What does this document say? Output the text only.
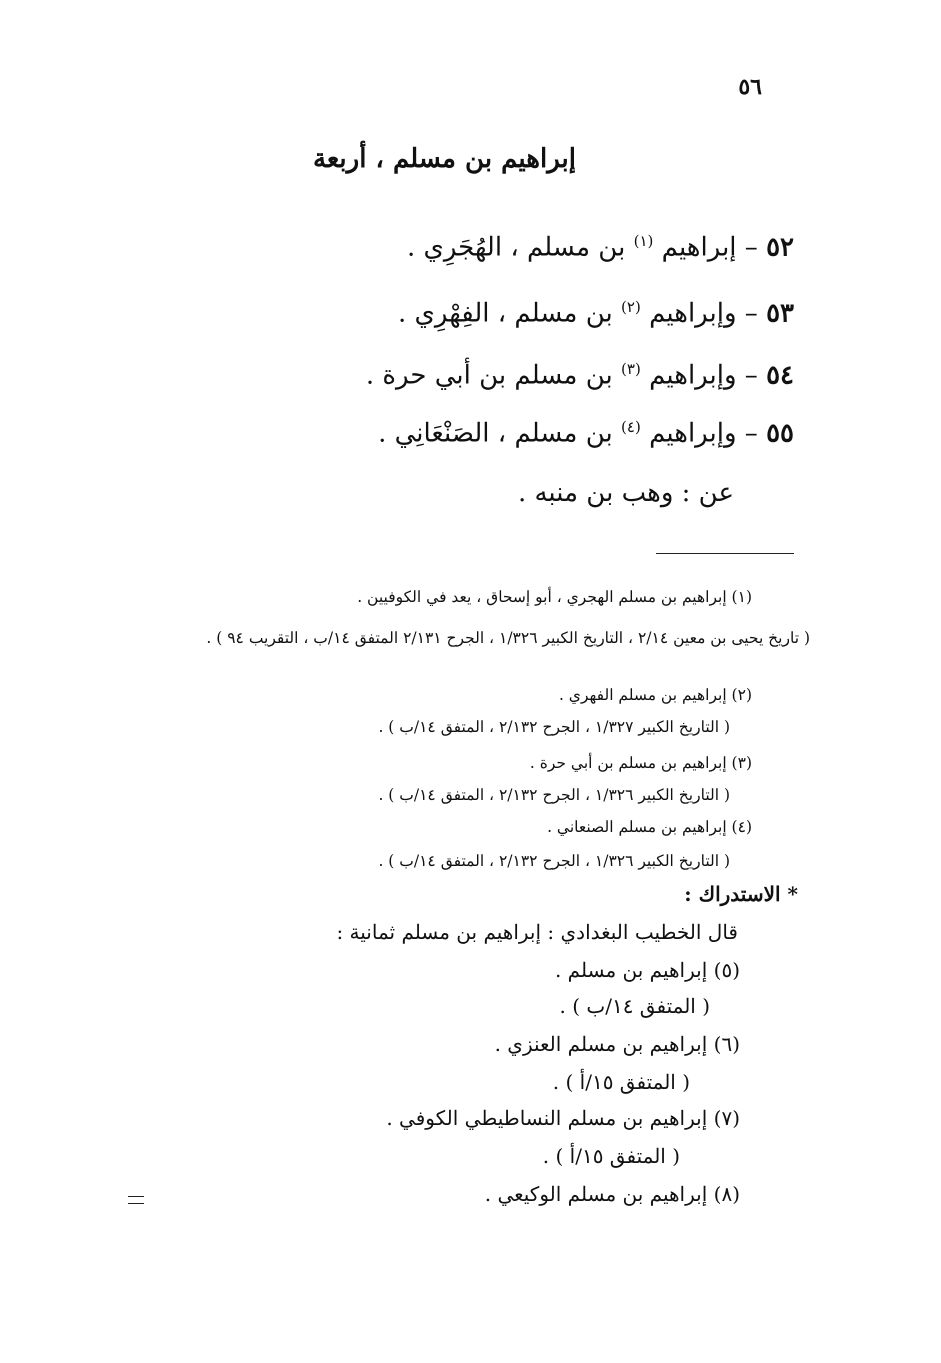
٥٦
إبراهيم بن مسلم ، أربعة
٥٢ – إبراهيم $^{(١)}$ بن مسلم ، الهُجَرِي .
٥٣ – وإبراهيم $^{(٢)}$ بن مسلم ، الفِهْرِي .
٥٤ – وإبراهيم $^{(٣)}$ بن مسلم بن أبي حرة .
٥٥ – وإبراهيم $^{(٤)}$ بن مسلم ، الصَنْعَانِي .
عن : وهب بن منبه .
(١) إبراهيم بن مسلم الهجري ، أبو إسحاق ، يعد في الكوفيين .
( تاريخ يحيى بن معين ٢/١٤ ، التاريخ الكبير ١/٣٢٦ ، الجرح ٢/١٣١ المتفق ١٤/ب ، التقريب ٩٤ ) .
(٢) إبراهيم بن مسلم الفهري .
( التاريخ الكبير ١/٣٢٧ ، الجرح ٢/١٣٢ ، المتفق ١٤/ب ) .
(٣) إبراهيم بن مسلم بن أبي حرة .
( التاريخ الكبير ١/٣٢٦ ، الجرح ٢/١٣٢ ، المتفق ١٤/ب ) .
(٤) إبراهيم بن مسلم الصنعاني .
( التاريخ الكبير ١/٣٢٦ ، الجرح ٢/١٣٢ ، المتفق ١٤/ب ) .
* الاستدراك :
قال الخطيب البغدادي : إبراهيم بن مسلم ثمانية :
(٥) إبراهيم بن مسلم .
( المتفق ١٤/ب ) .
(٦) إبراهيم بن مسلم العنزي .
( المتفق ١٥/أ ) .
(٧) إبراهيم بن مسلم النساطيطي الكوفي .
( المتفق ١٥/أ ) .
(٨) إبراهيم بن مسلم الوكيعي .
